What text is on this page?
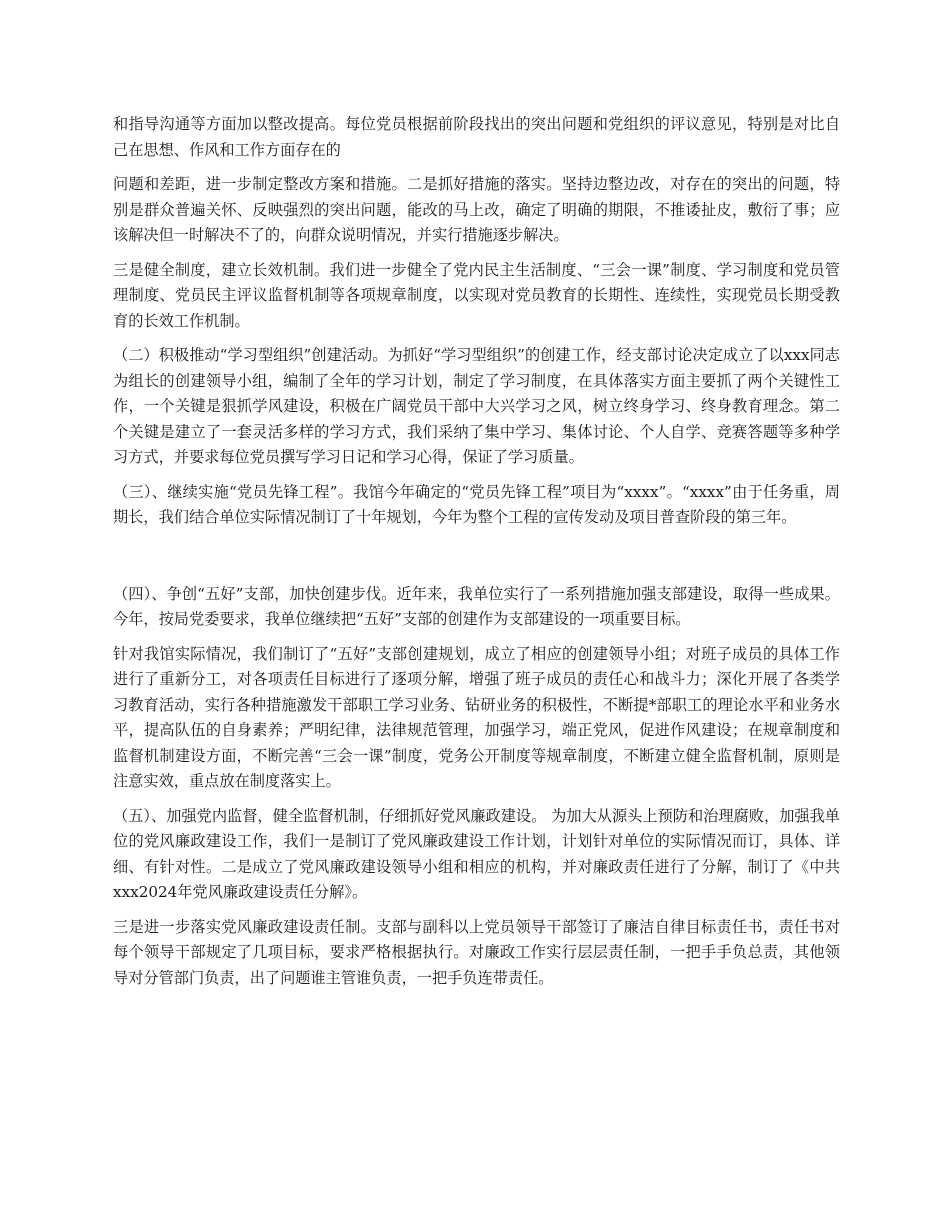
和指导沟通等方面加以整改提高。每位党员根据前阶段找出的突出问题和党组织的评议意见，特别是对比自己在思想、作风和工作方面存在的

问题和差距，进一步制定整改方案和措施。二是抓好措施的落实。坚持边整边改，对存在的突出的问题，特别是群众普遍关怀、反映强烈的突出问题，能改的马上改，确定了明确的期限，不推诿扯皮，敷衍了事；应该解决但一时解决不了的，向群众说明情况，并实行措施逐步解决。

三是健全制度，建立长效机制。我们进一步健全了党内民主生活制度、“三会一课”制度、学习制度和党员管理制度、党员民主评议监督机制等各项规章制度，以实现对党员教育的长期性、连续性，实现党员长期受教育的长效工作机制。

（二）积极推动“学习型组织”创建活动。为抓好“学习型组织”的创建工作，经支部讨论决定成立了以xxx同志为组长的创建领导小组，编制了全年的学习计划，制定了学习制度，在具体落实方面主要抓了两个关键性工作，一个关键是狠抓学风建设，积极在广阔党员干部中大兴学习之风，树立终身学习、终身教育理念。第二个关键是建立了一套灵活多样的学习方式，我们采纳了集中学习、集体讨论、个人自学、竞赛答题等多种学习方式，并要求每位党员撰写学习日记和学习心得，保证了学习质量。

（三）、继续实施“党员先锋工程”。我馆今年确定的“党员先锋工程”项目为“xxxx”。“xxxx”由于任务重，周期长，我们结合单位实际情况制订了十年规划，今年为整个工程的宣传发动及项目普查阶段的第三年。

（四）、争创“五好”支部，加快创建步伐。近年来，我单位实行了一系列措施加强支部建设，取得一些成果。今年，按局党委要求，我单位继续把“五好”支部的创建作为支部建设的一项重要目标。

针对我馆实际情况，我们制订了“五好”支部创建规划，成立了相应的创建领导小组；对班子成员的具体工作进行了重新分工，对各项责任目标进行了逐项分解，增强了班子成员的责任心和战斗力；深化开展了各类学习教育活动，实行各种措施激发干部职工学习业务、钻研业务的积极性，不断提*部职工的理论水平和业务水平，提高队伍的自身素养；严明纪律，法律规范管理，加强学习，端正党风，促进作风建设；在规章制度和监督机制建设方面，不断完善“三会一课”制度，党务公开制度等规章制度，不断建立健全监督机制，原则是注意实效，重点放在制度落实上。

（五）、加强党内监督，健全监督机制，仔细抓好党风廉政建设。 为加大从源头上预防和治理腐败，加强我单位的党风廉政建设工作，我们一是制订了党风廉政建设工作计划，计划针对单位的实际情况而订，具体、详细、有针对性。二是成立了党风廉政建设领导小组和相应的机构，并对廉政责任进行了分解，制订了《中共xxx2024年党风廉政建设责任分解》。

三是进一步落实党风廉政建设责任制。支部与副科以上党员领导干部签订了廉洁自律目标责任书，责任书对每个领导干部规定了几项目标，要求严格根据执行。对廉政工作实行层层责任制，一把手手负总责，其他领导对分管部门负责，出了问题谁主管谁负责，一把手负连带责任。
